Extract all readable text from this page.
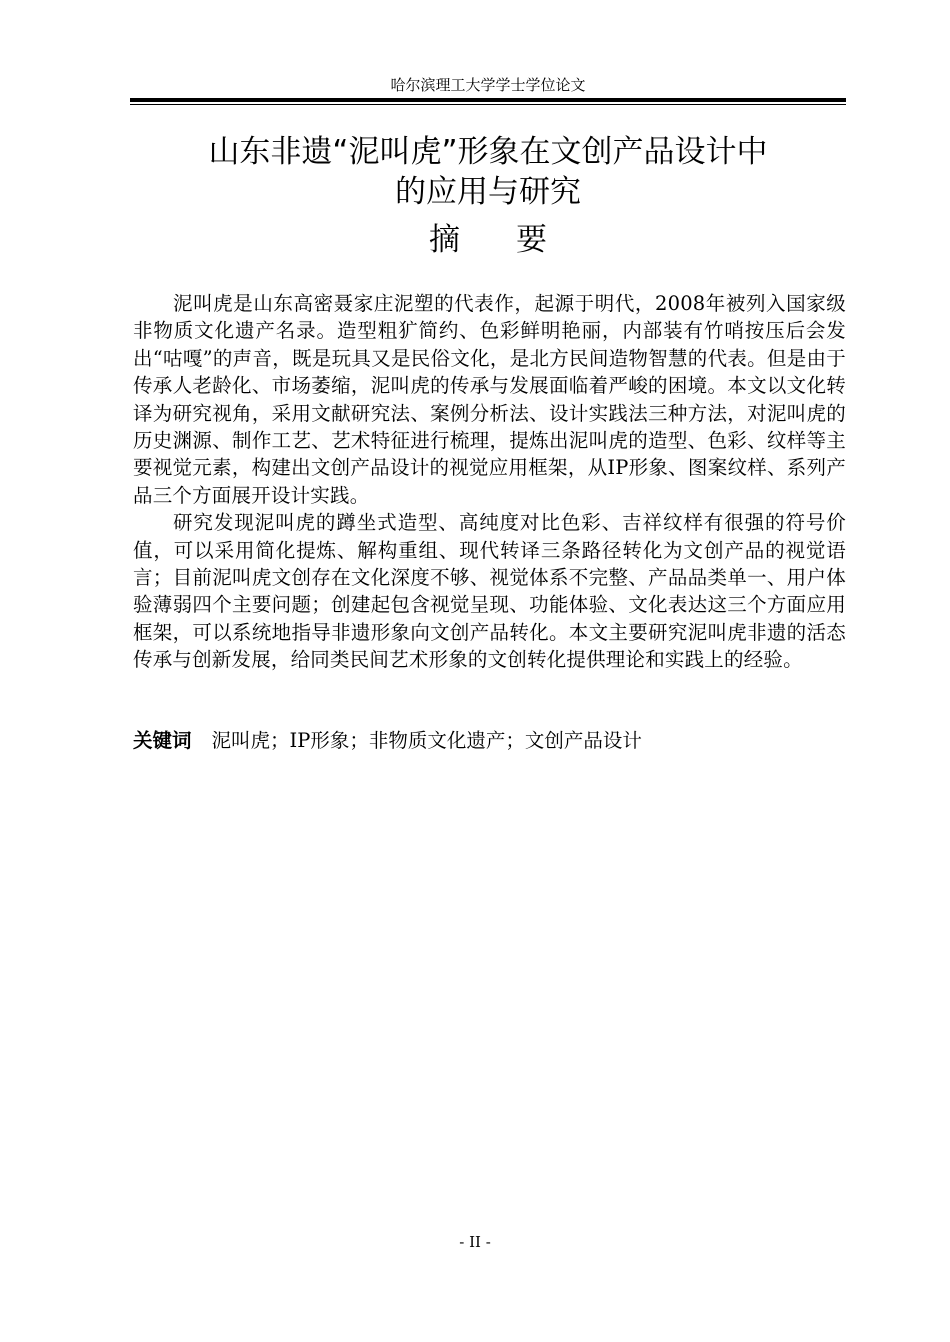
哈尔滨理工大学学士学位论文
山东非遗“泥叫虎”形象在文创产品设计中
的应用与研究
摘要

泥叫虎是山东高密聂家庄泥塑的代表作，起源于明代，2008年被列入国家级非物质文化遗产名录。造型粗犷简约、色彩鲜明艳丽，内部装有竹哨按压后会发出“咕嘎”的声音，既是玩具又是民俗文化，是北方民间造物智慧的代表。但是由于传承人老龄化、市场萎缩，泥叫虎的传承与发展面临着严峻的困境。本文以文化转译为研究视角，采用文献研究法、案例分析法、设计实践法三种方法，对泥叫虎的历史渊源、制作工艺、艺术特征进行梳理，提炼出泥叫虎的造型、色彩、纹样等主要视觉元素，构建出文创产品设计的视觉应用框架，从IP形象、图案纹样、系列产品三个方面展开设计实践。

研究发现泥叫虎的蹲坐式造型、高纯度对比色彩、吉祥纹样有很强的符号价值，可以采用简化提炼、解构重组、现代转译三条路径转化为文创产品的视觉语言；目前泥叫虎文创存在文化深度不够、视觉体系不完整、产品品类单一、用户体验薄弱四个主要问题；创建起包含视觉呈现、功能体验、文化表达这三个方面应用框架，可以系统地指导非遗形象向文创产品转化。本文主要研究泥叫虎非遗的活态传承与创新发展，给同类民间艺术形象的文创转化提供理论和实践上的经验。

关键词 泥叫虎；IP形象；非物质文化遗产；文创产品设计
- II -
